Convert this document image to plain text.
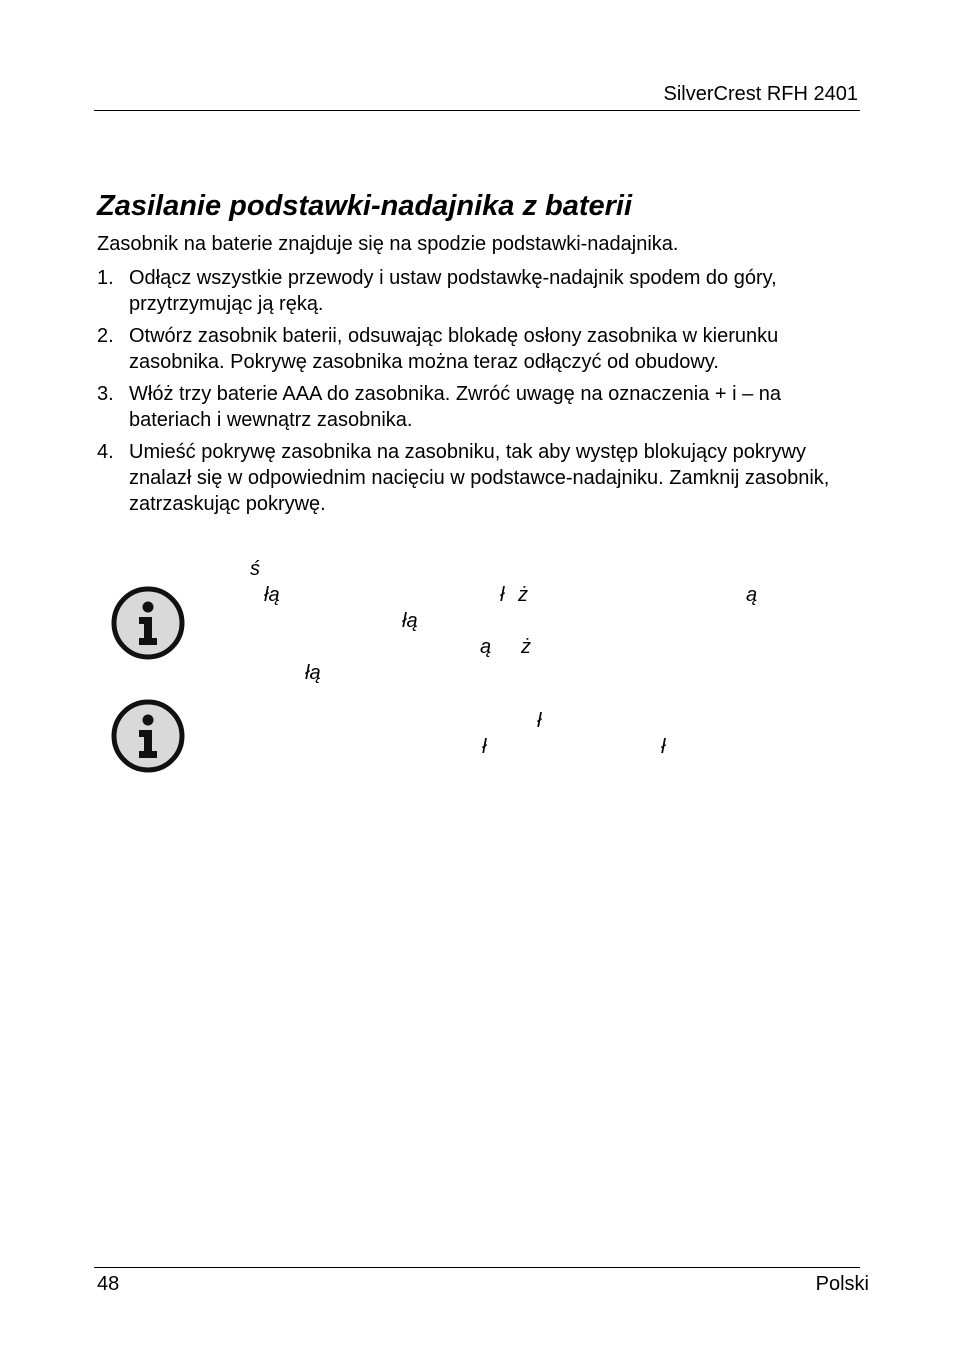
SilverCrest RFH 2401
Zasilanie podstawki-nadajnika z baterii
Zasobnik na baterie znajduje się na spodzie podstawki-nadajnika.
1. Odłącz wszystkie przewody i ustaw podstawkę-nadajnik spodem do góry, przytrzymując ją ręką.
2. Otwórz zasobnik baterii, odsuwając blokadę osłony zasobnika w kierunku zasobnika. Pokrywę zasobnika można teraz odłączyć od obudowy.
3. Włóż trzy baterie AAA do zasobnika. Zwróć uwagę na oznaczenia + i – na bateriach i wewnątrz zasobnika.
4. Umieść pokrywę zasobnika na zasobniku, tak aby występ blokujący pokrywy znalazł się w odpowiednim nacięciu w podstawce-nadajniku. Zamknij zasobnik, zatrzaskując pokrywę.
ś
łą	ł ż	ą
łą
ą ż
łą
ł
ł	ł
48	Polski
